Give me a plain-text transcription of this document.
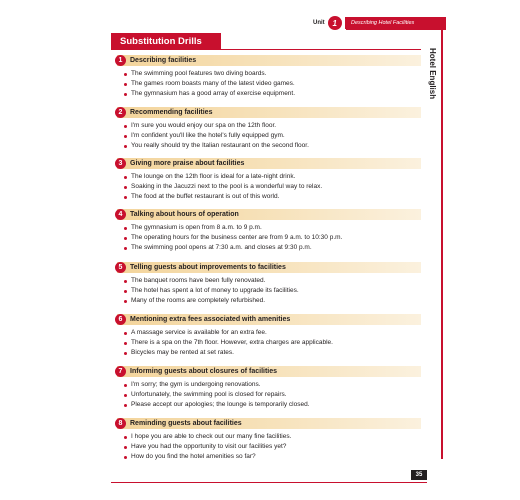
Unit 1	Describing Hotel Facilities
Hotel English
Substitution Drills
1	Describing facilities
The swimming pool features two diving boards.
The games room boasts many of the latest video games.
The gymnasium has a good array of exercise equipment.
2	Recommending facilities
I'm sure you would enjoy our spa on the 12th floor.
I'm confident you'll like the hotel's fully equipped gym.
You really should try the Italian restaurant on the second floor.
3	Giving more praise about facilities
The lounge on the 12th floor is ideal for a late-night drink.
Soaking in the Jacuzzi next to the pool is a wonderful way to relax.
The food at the buffet restaurant is out of this world.
4	Talking about hours of operation
The gymnasium is open from 8 a.m. to 9 p.m.
The operating hours for the business center are from 9 a.m. to 10:30 p.m.
The swimming pool opens at 7:30 a.m. and closes at 9:30 p.m.
5	Telling guests about improvements to facilities
The banquet rooms have been fully renovated.
The hotel has spent a lot of money to upgrade its facilities.
Many of the rooms are completely refurbished.
6	Mentioning extra fees associated with amenities
A massage service is available for an extra fee.
There is a spa on the 7th floor. However, extra charges are applicable.
Bicycles may be rented at set rates.
7	Informing guests about closures of facilities
I'm sorry; the gym is undergoing renovations.
Unfortunately, the swimming pool is closed for repairs.
Please accept our apologies; the lounge is temporarily closed.
8	Reminding guests about facilities
I hope you are able to check out our many fine facilities.
Have you had the opportunity to visit our facilities yet?
How do you find the hotel amenities so far?
35
